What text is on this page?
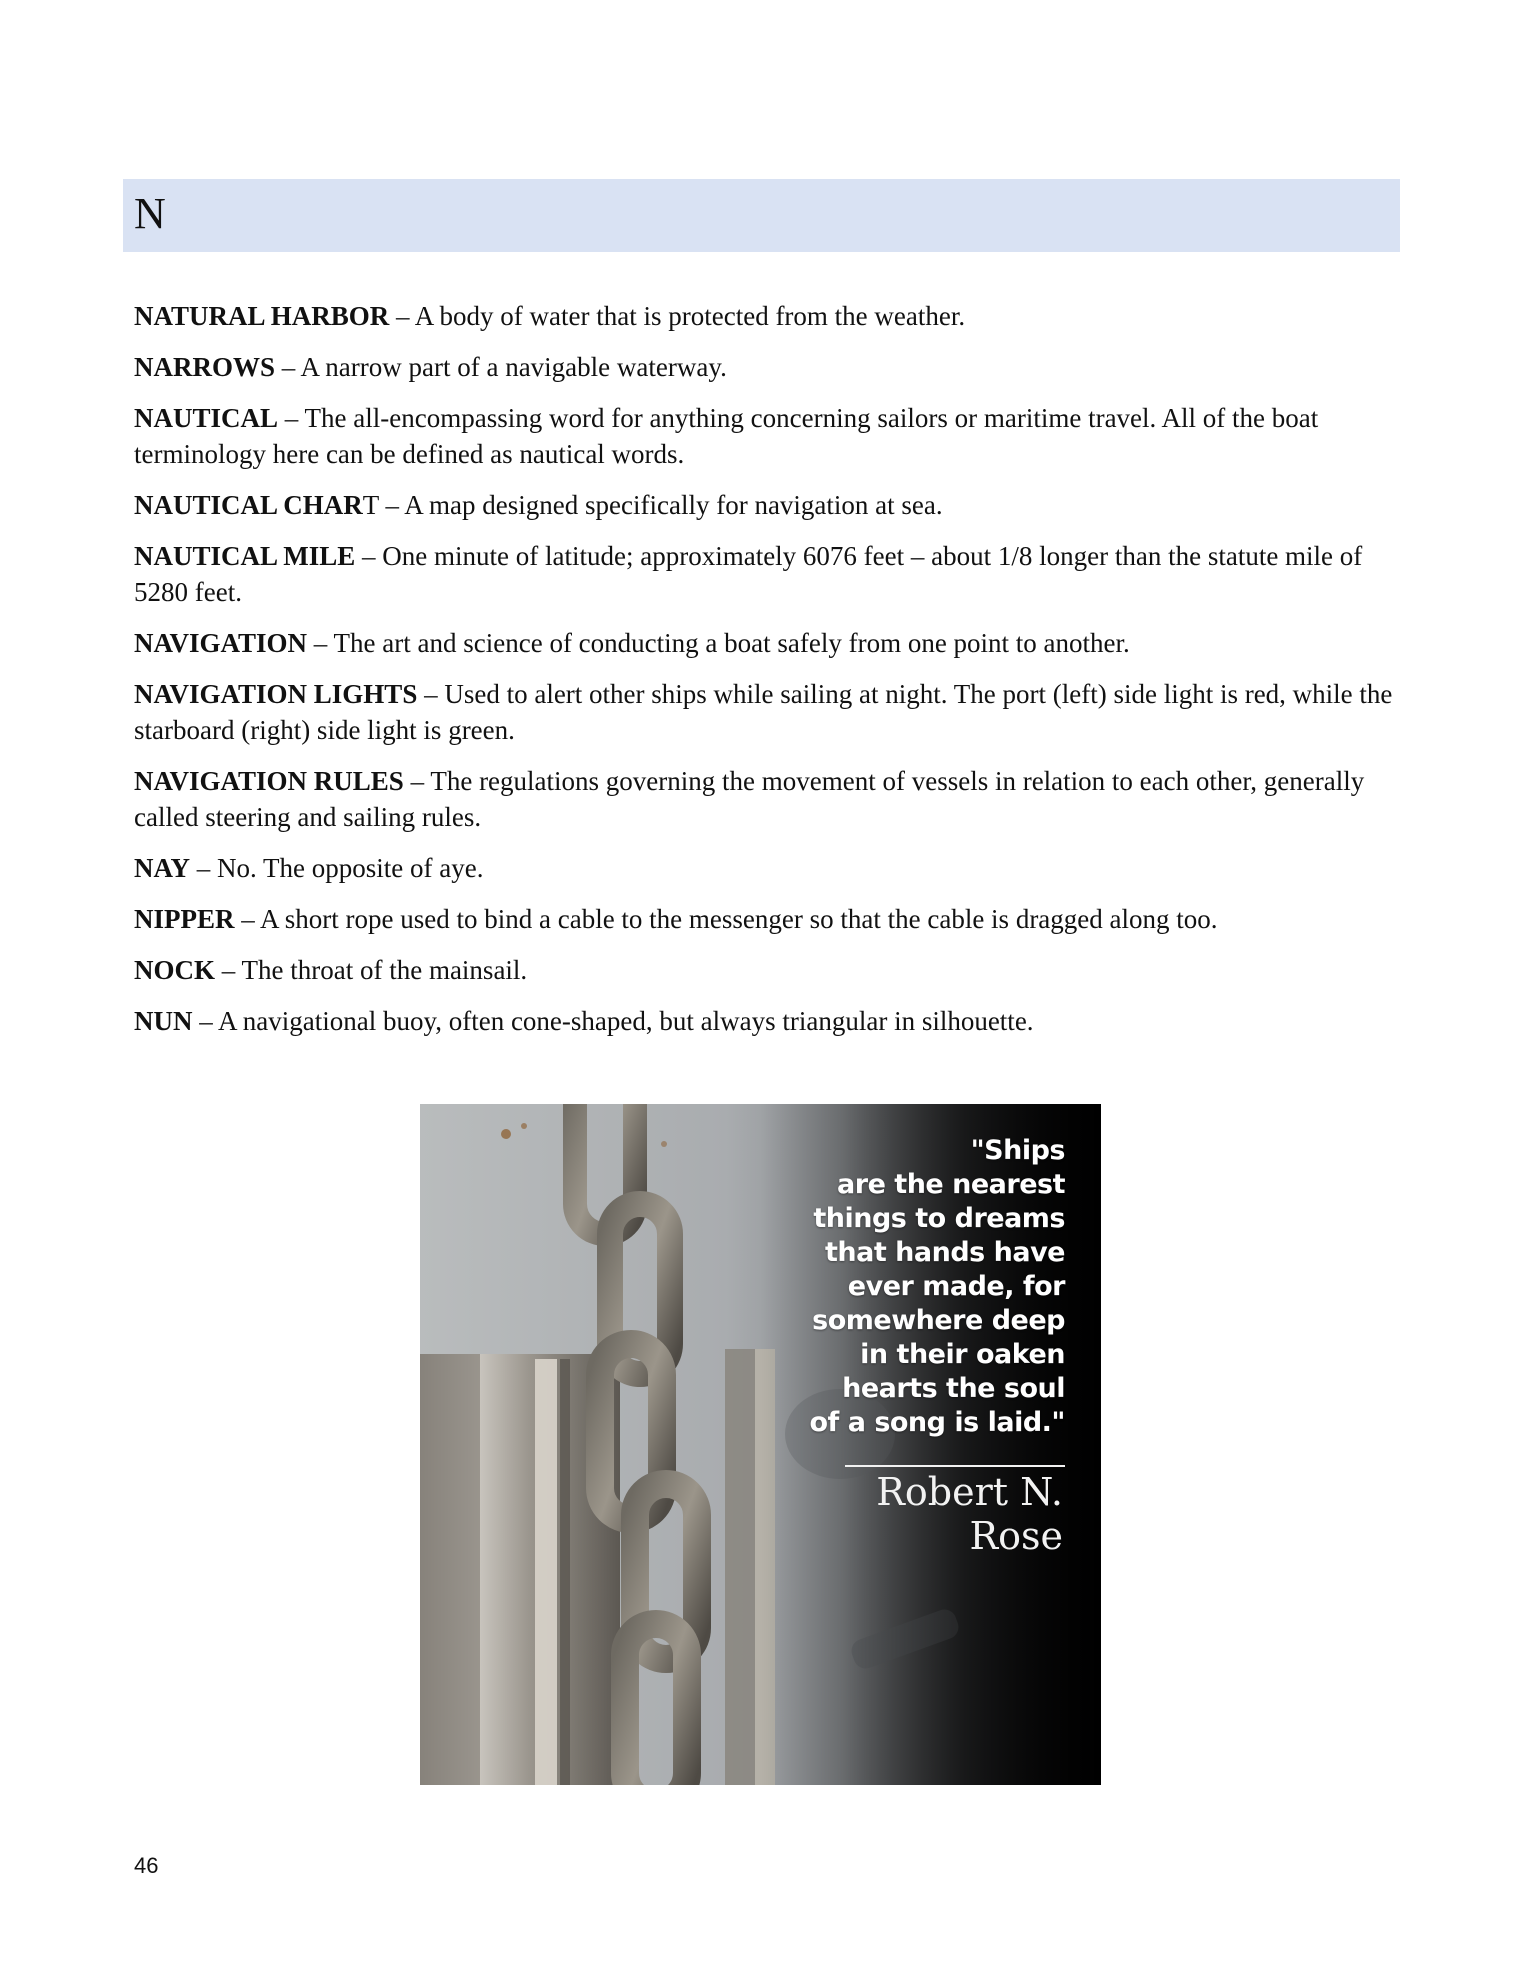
N

NATURAL HARBOR – A body of water that is protected from the weather.

NARROWS – A narrow part of a navigable waterway.

NAUTICAL – The all-encompassing word for anything concerning sailors or maritime travel. All of the boat terminology here can be defined as nautical words.

NAUTICAL CHART – A map designed specifically for navigation at sea.

NAUTICAL MILE – One minute of latitude; approximately 6076 feet – about 1/8 longer than the statute mile of 5280 feet.

NAVIGATION – The art and science of conducting a boat safely from one point to another.

NAVIGATION LIGHTS – Used to alert other ships while sailing at night. The port (left) side light is red, while the starboard (right) side light is green.

NAVIGATION RULES – The regulations governing the movement of vessels in relation to each other, generally called steering and sailing rules.

NAY – No. The opposite of aye.

NIPPER – A short rope used to bind a cable to the messenger so that the cable is dragged along too.

NOCK – The throat of the mainsail.

NUN – A navigational buoy, often cone-shaped, but always triangular in silhouette.

"Ships
are the nearest
things to dreams
that hands have
ever made, for
somewhere deep
in their oaken
hearts the soul
of a song is laid."
Robert N.
Rose
46
